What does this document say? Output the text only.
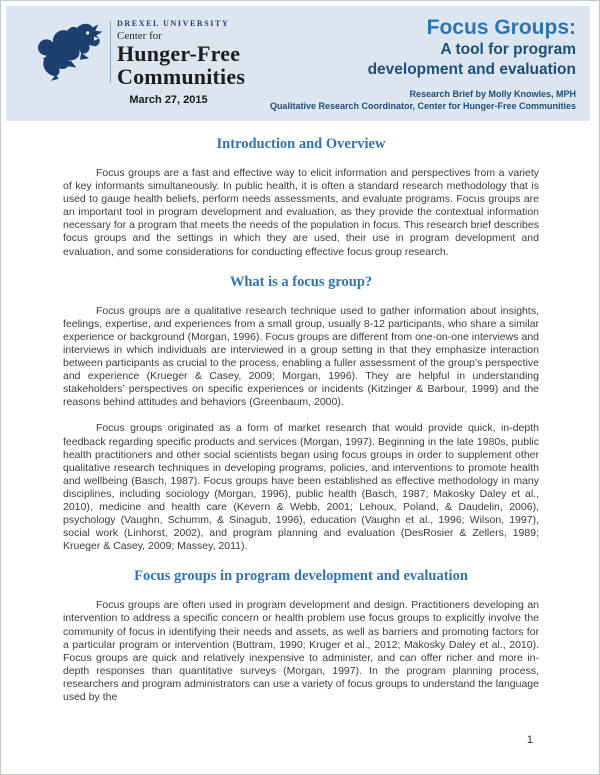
DREXEL UNIVERSITY
Center for
Hunger-Free
Communities
March 27, 2015
Focus Groups:
A tool for program
development and evaluation
Research Brief by Molly Knowles, MPH
Qualitative Research Coordinator, Center for Hunger-Free Communities
Introduction and Overview

Focus groups are a fast and effective way to elicit information and perspectives from a variety of key informants simultaneously. In public health, it is often a standard research methodology that is used to gauge health beliefs, perform needs assessments, and evaluate programs. Focus groups are an important tool in program development and evaluation, as they provide the contextual information necessary for a program that meets the needs of the population in focus. This research brief describes focus groups and the settings in which they are used, their use in program development and evaluation, and some considerations for conducting effective focus group research.

What is a focus group?

Focus groups are a qualitative research technique used to gather information about insights, feelings, expertise, and experiences from a small group, usually 8-12 participants, who share a similar experience or background (Morgan, 1996). Focus groups are different from one-on-one interviews and interviews in which individuals are interviewed in a group setting in that they emphasize interaction between participants as crucial to the process, enabling a fuller assessment of the group’s perspective and experience (Krueger & Casey, 2009; Morgan, 1996). They are helpful in understanding stakeholders’ perspectives on specific experiences or incidents (Kitzinger & Barbour, 1999) and the reasons behind attitudes and behaviors (Greenbaum, 2000).

Focus groups originated as a form of market research that would provide quick, in-depth feedback regarding specific products and services (Morgan, 1997). Beginning in the late 1980s, public health practitioners and other social scientists began using focus groups in order to supplement other qualitative research techniques in developing programs, policies, and interventions to promote health and wellbeing (Basch, 1987). Focus groups have been established as effective methodology in many disciplines, including sociology (Morgan, 1996), public health (Basch, 1987; Makosky Daley et al., 2010), medicine and health care (Kevern & Webb, 2001; Lehoux, Poland, & Daudelin, 2006), psychology (Vaughn, Schumm, & Sinagub, 1996), education (Vaughn et al., 1996; Wilson, 1997), social work (Linhorst, 2002), and program planning and evaluation (DesRosier & Zellers, 1989; Krueger & Casey, 2009; Massey, 2011).

Focus groups in program development and evaluation

Focus groups are often used in program development and design. Practitioners developing an intervention to address a specific concern or health problem use focus groups to explicitly involve the community of focus in identifying their needs and assets, as well as barriers and promoting factors for a particular program or intervention (Buttram, 1990; Kruger et al., 2012; Makosky Daley et al., 2010). Focus groups are quick and relatively inexpensive to administer, and can offer richer and more in-depth responses than quantitative surveys (Morgan, 1997). In the program planning process, researchers and program administrators can use a variety of focus groups to understand the language used by the

1
